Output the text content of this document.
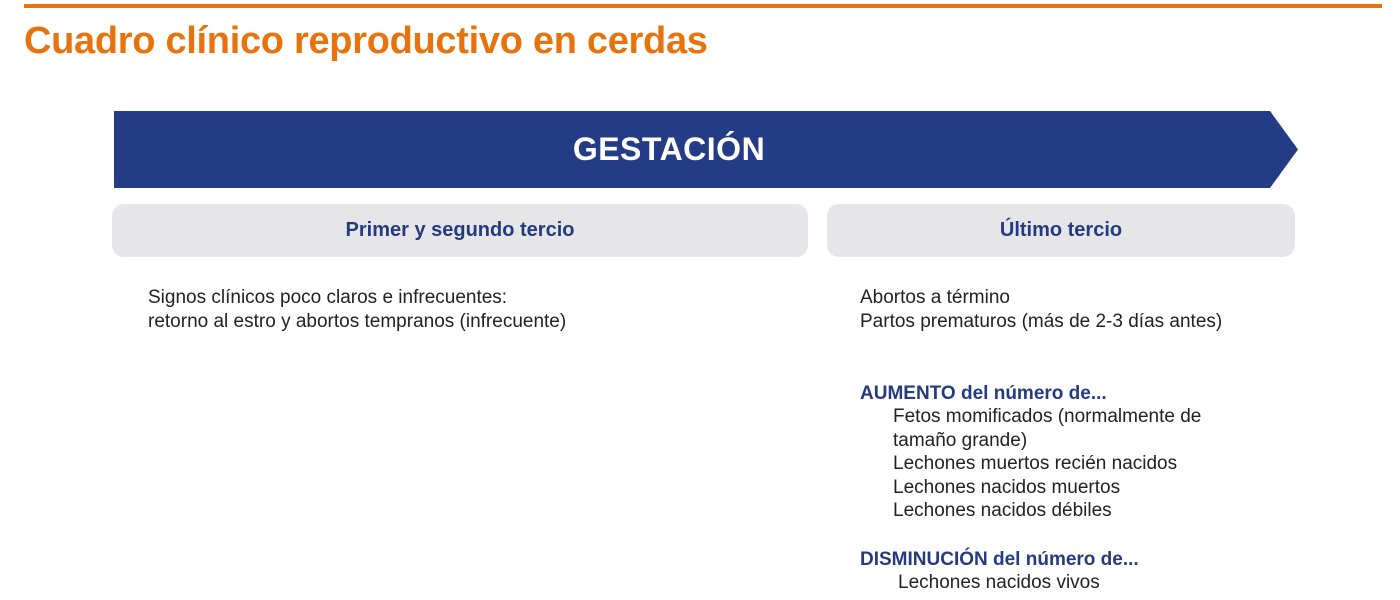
Cuadro clínico reproductivo en cerdas
GESTACIÓN
Primer y segundo tercio	Último tercio
Signos clínicos poco claros e infrecuentes:
retorno al estro y abortos tempranos (infrecuente)
Abortos a término
Partos prematuros (más de 2-3 días antes)
AUMENTO del número de...
Fetos momificados (normalmente de
tamaño grande)
Lechones muertos recién nacidos
Lechones nacidos muertos
Lechones nacidos débiles
DISMINUCIÓN del número de...
Lechones nacidos vivos
